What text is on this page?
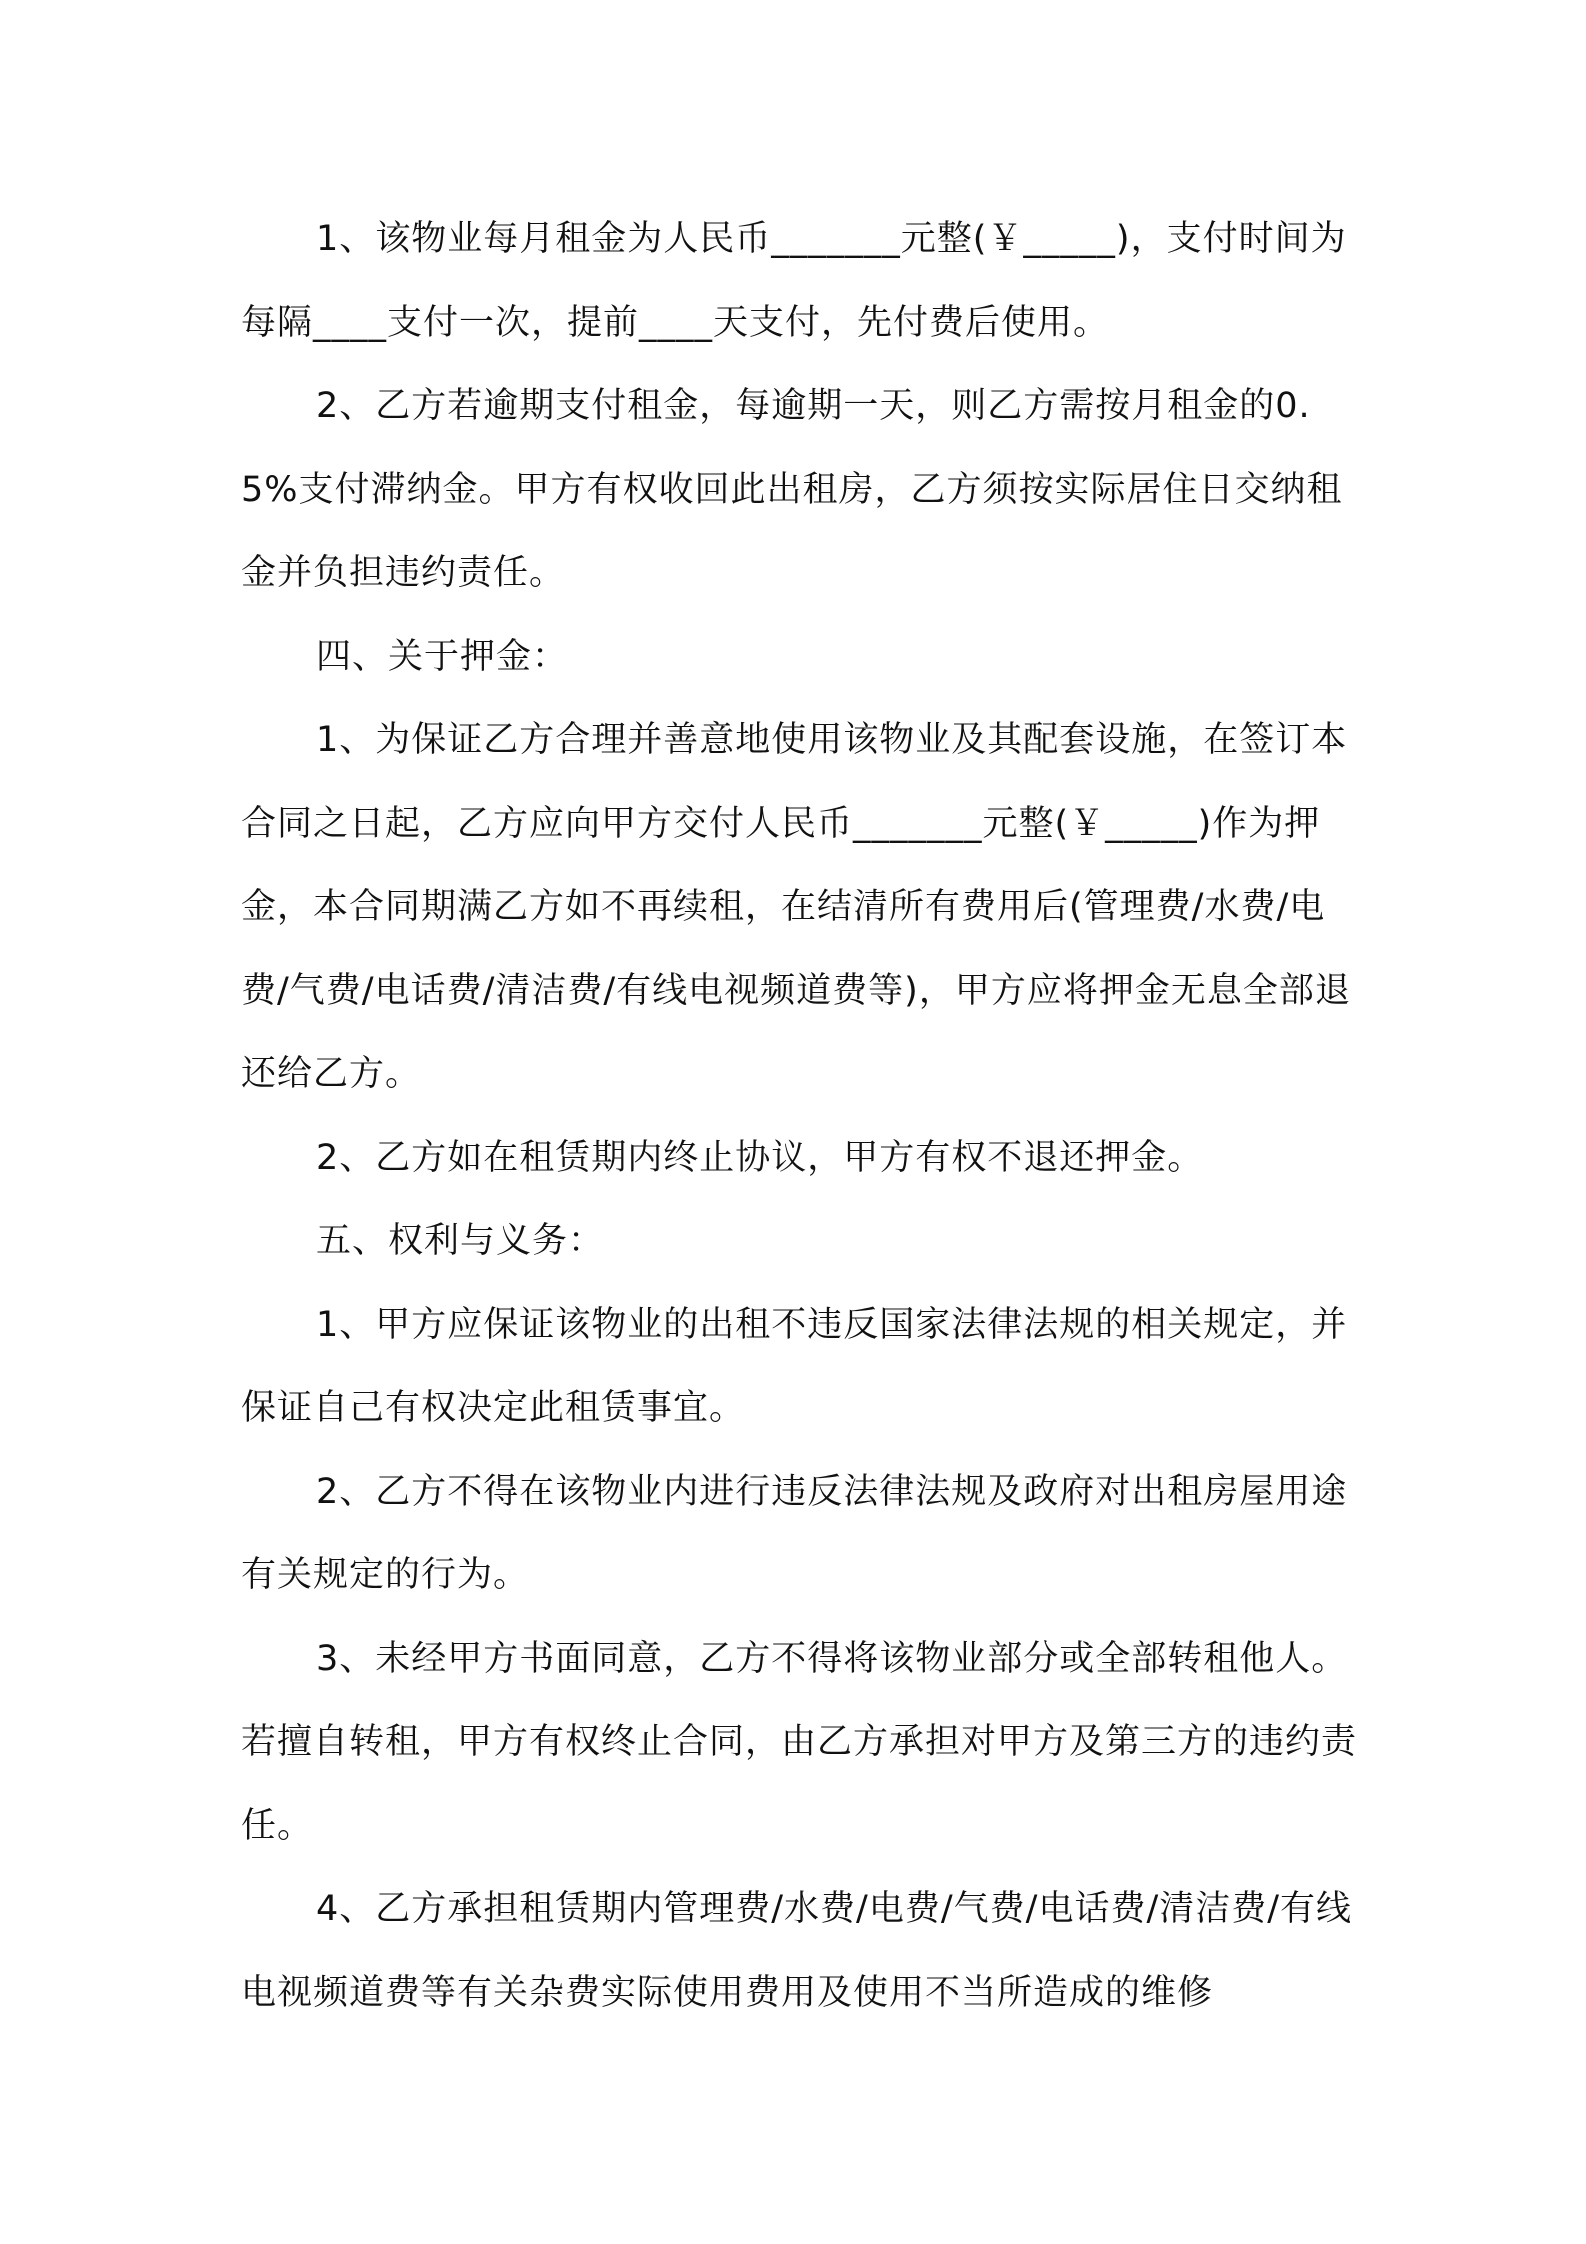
1、该物业每月租金为人民币_______元整(￥_____)，支付时间为每隔____支付一次，提前____天支付，先付费后使用。

2、乙方若逾期支付租金，每逾期一天，则乙方需按月租金的0.5%支付滞纳金。甲方有权收回此出租房，乙方须按实际居住日交纳租金并负担违约责任。

四、关于押金：

1、为保证乙方合理并善意地使用该物业及其配套设施，在签订本合同之日起，乙方应向甲方交付人民币_______元整(￥_____)作为押金，本合同期满乙方如不再续租，在结清所有费用后(管理费/水费/电费/气费/电话费/清洁费/有线电视频道费等)，甲方应将押金无息全部退还给乙方。

2、乙方如在租赁期内终止协议，甲方有权不退还押金。

五、权利与义务：

1、甲方应保证该物业的出租不违反国家法律法规的相关规定，并保证自己有权决定此租赁事宜。

2、乙方不得在该物业内进行违反法律法规及政府对出租房屋用途有关规定的行为。

3、未经甲方书面同意，乙方不得将该物业部分或全部转租他人。若擅自转租，甲方有权终止合同，由乙方承担对甲方及第三方的违约责任。

4、乙方承担租赁期内管理费/水费/电费/气费/电话费/清洁费/有线电视频道费等有关杂费实际使用费用及使用不当所造成的维修
